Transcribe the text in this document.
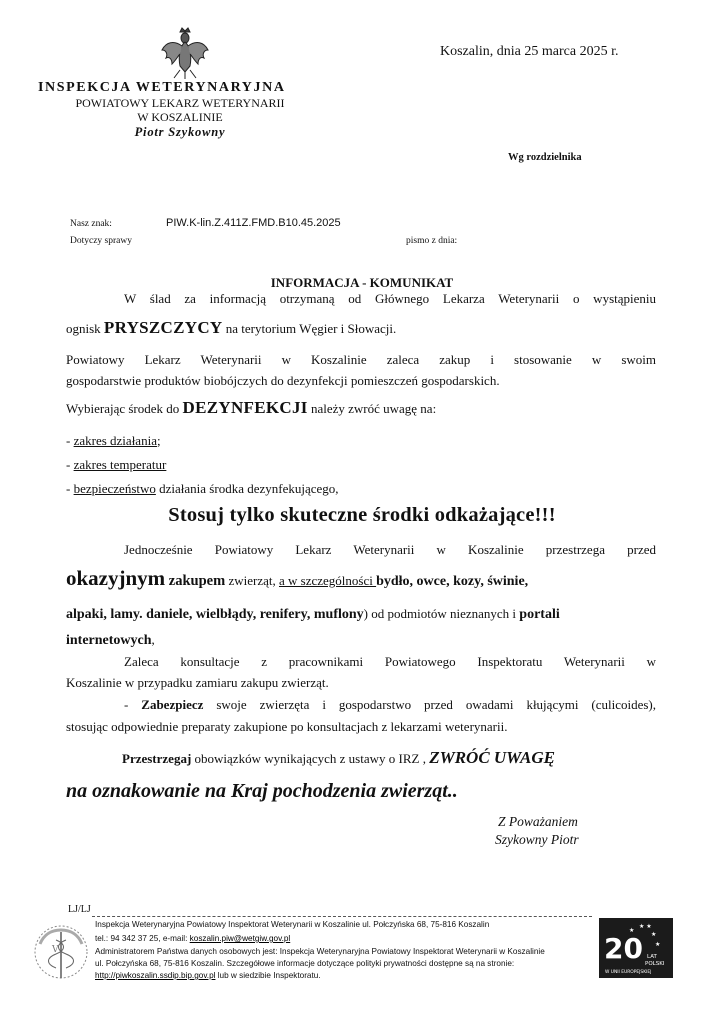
Koszalin, dnia 25 marca 2025 r.
INSPEKCJA WETERYNARYJNA
POWIATOWY LEKARZ WETERYNARII
W KOSZALINIE
Piotr Szykowny
Wg rozdzielnika
Nasz znak:	PIW.K-lin.Z.411Z.FMD.B10.45.2025
Dotyczy sprawy	pismo z dnia:
INFORMACJA - KOMUNIKAT
W ślad za informacją otrzymaną od Głównego Lekarza Weterynarii o wystąpieniu
ognisk PRYSZCZYCY na terytorium Węgier i Słowacji.
Powiatowy Lekarz Weterynarii w Koszalinie zaleca zakup i stosowanie w swoim
gospodarstwie produktów biobójczych do dezynfekcji pomieszczeń gospodarskich.
Wybierając środek do DEZYNFEKCJI należy zwróć uwagę na:
- zakres działania;
- zakres temperatur
- bezpieczeństwo działania środka dezynfekującego,
Stosuj tylko skuteczne środki odkażające!!!
Jednocześnie Powiatowy Lekarz Weterynarii w Koszalinie przestrzega przed
okazyjnym zakupem zwierząt, a w szczególności bydło, owce, kozy, świnie,
alpaki, lamy. daniele, wielbłądy, renifery, muflony) od podmiotów nieznanych i portali
internetowych,
Zaleca konsultacje z pracownikami Powiatowego Inspektoratu Weterynarii w
Koszalinie w przypadku zamiaru zakupu zwierząt.
- Zabezpiecz swoje zwierzęta i gospodarstwo przed owadami kłującymi (culicoides),
stosując odpowiednie preparaty zakupione po konsultacjach z lekarzami weterynarii.
Przestrzegaj obowiązków wynikających z ustawy o IRZ , ZWRÓĆ UWAGĘ
na oznakowanie na Kraj pochodzenia zwierząt..
Z Poważaniem
Szykowny Piotr
LJ/LJ
V
Inspekcja Weterynaryjna Powiatowy Inspektorat Weterynarii w Koszalinie ul. Połczyńska 68, 75-816 Koszalin
tel.: 94 342 37 25, e-mail: koszalin.piw@wetgiw.gov.pl
Administratorem Państwa danych osobowych jest: Inspekcja Weterynaryjna Powiatowy Inspektorat Weterynarii w Koszalinie
ul. Połczyńska 68, 75-816 Koszalin. Szczegółowe informacje dotyczące polityki prywatności dostępne są na stronie:
http://piwkoszalin.ssdip.bip.gov.pl lub w siedzibie Inspektoratu.
★ ★
★
★
★
20 LAT
POLSKI
W UNII EUROPEJSKIEJ
